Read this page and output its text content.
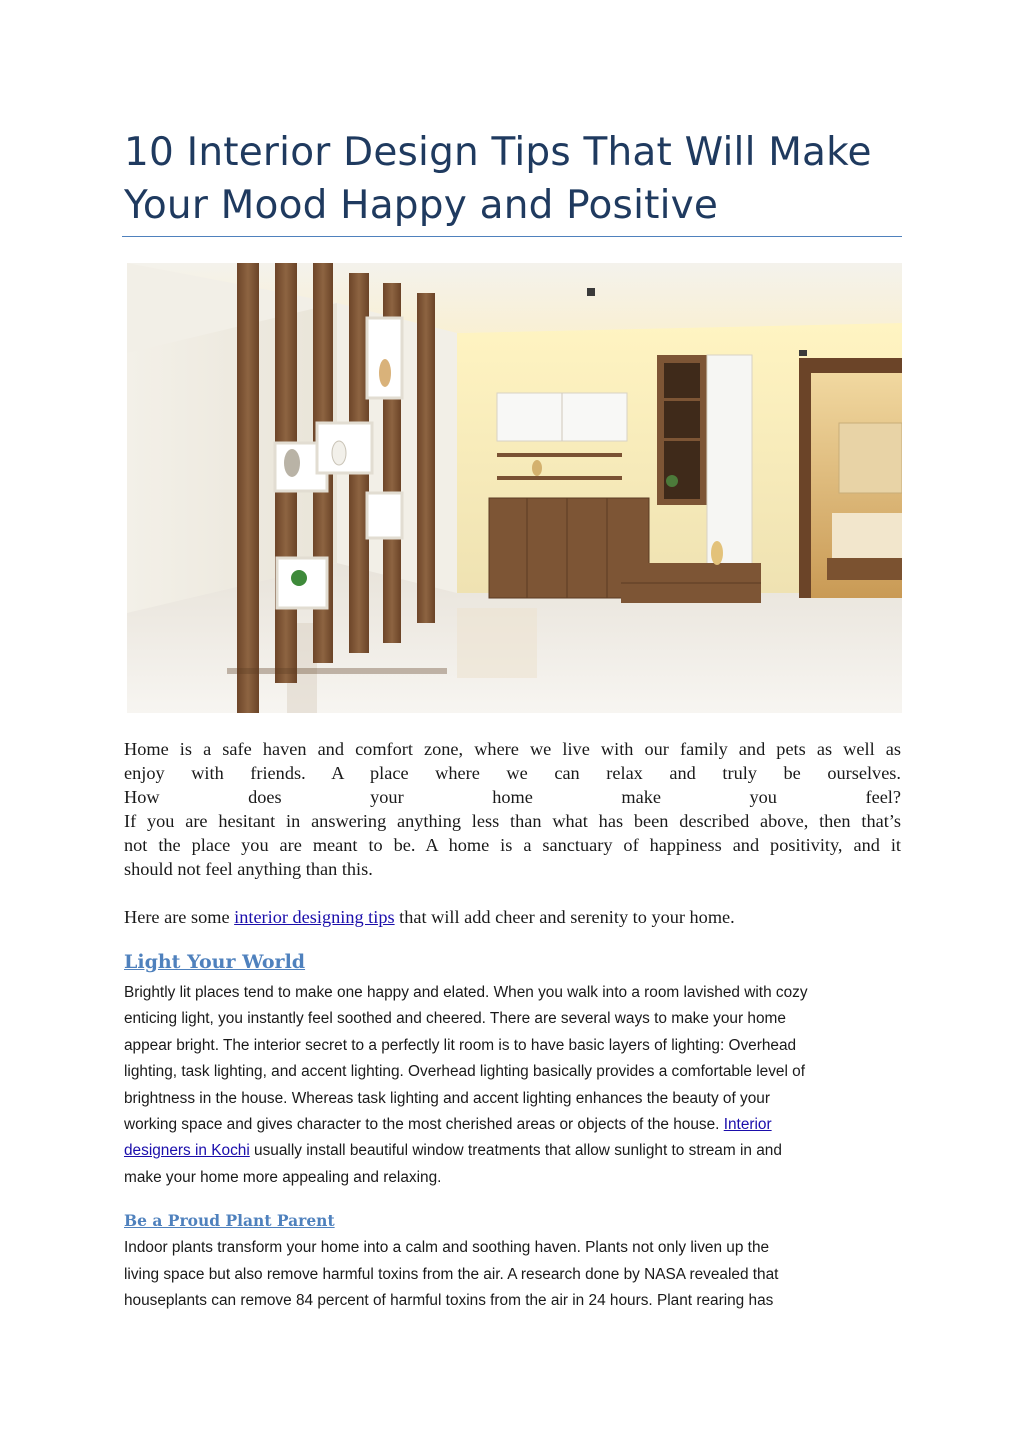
10 Interior Design Tips That Will Make
Your Mood Happy and Positive

Home is a safe haven and comfort zone, where we live with our family and pets as well as

enjoy with friends. A place where we can relax and truly be ourselves.

How does your home make you feel?

If you are hesitant in answering anything less than what has been described above, then that’s

not the place you are meant to be. A home is a sanctuary of happiness and positivity, and it

should not feel anything than this.

Here are some interior designing tips that will add cheer and serenity to your home.

Light Your World

Brightly lit places tend to make one happy and elated. When you walk into a room lavished with cozy
enticing light, you instantly feel soothed and cheered. There are several ways to make your home
appear bright. The interior secret to a perfectly lit room is to have basic layers of lighting: Overhead
lighting, task lighting, and accent lighting. Overhead lighting basically provides a comfortable level of
brightness in the house. Whereas task lighting and accent lighting enhances the beauty of your
working space and gives character to the most cherished areas or objects of the house. Interior
designers in Kochi usually install beautiful window treatments that allow sunlight to stream in and
make your home more appealing and relaxing.

Be a Proud Plant Parent

Indoor plants transform your home into a calm and soothing haven. Plants not only liven up the
living space but also remove harmful toxins from the air. A research done by NASA revealed that
houseplants can remove 84 percent of harmful toxins from the air in 24 hours. Plant rearing has
